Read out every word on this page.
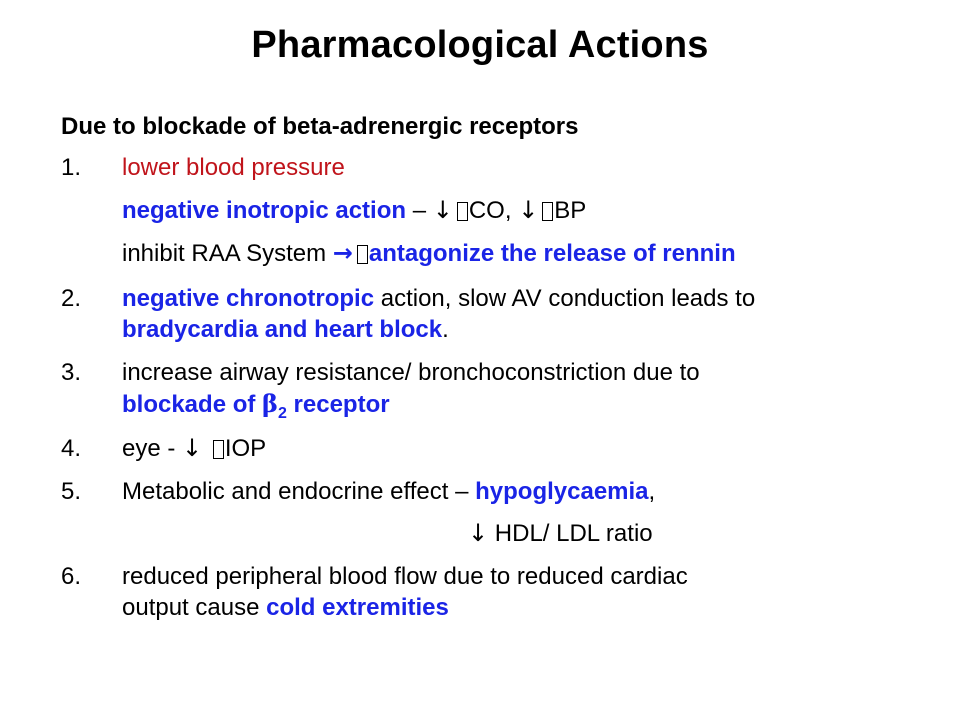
Pharmacological Actions
Due to blockade of beta-adrenergic receptors
1. lower blood pressure
negative inotropic action – ↓ CO, ↓ BP
inhibit RAA System → antagonize the release of rennin
2. negative chronotropic action, slow AV conduction leads to
bradycardia and heart block.
3. increase airway resistance/ bronchoconstriction due to
blockade of $\beta_2$ receptor
4. eye - ↓ IOP
5. Metabolic and endocrine effect – hypoglycaemia,
↓ HDL/ LDL ratio
6. reduced peripheral blood flow due to reduced cardiac
output cause cold extremities
